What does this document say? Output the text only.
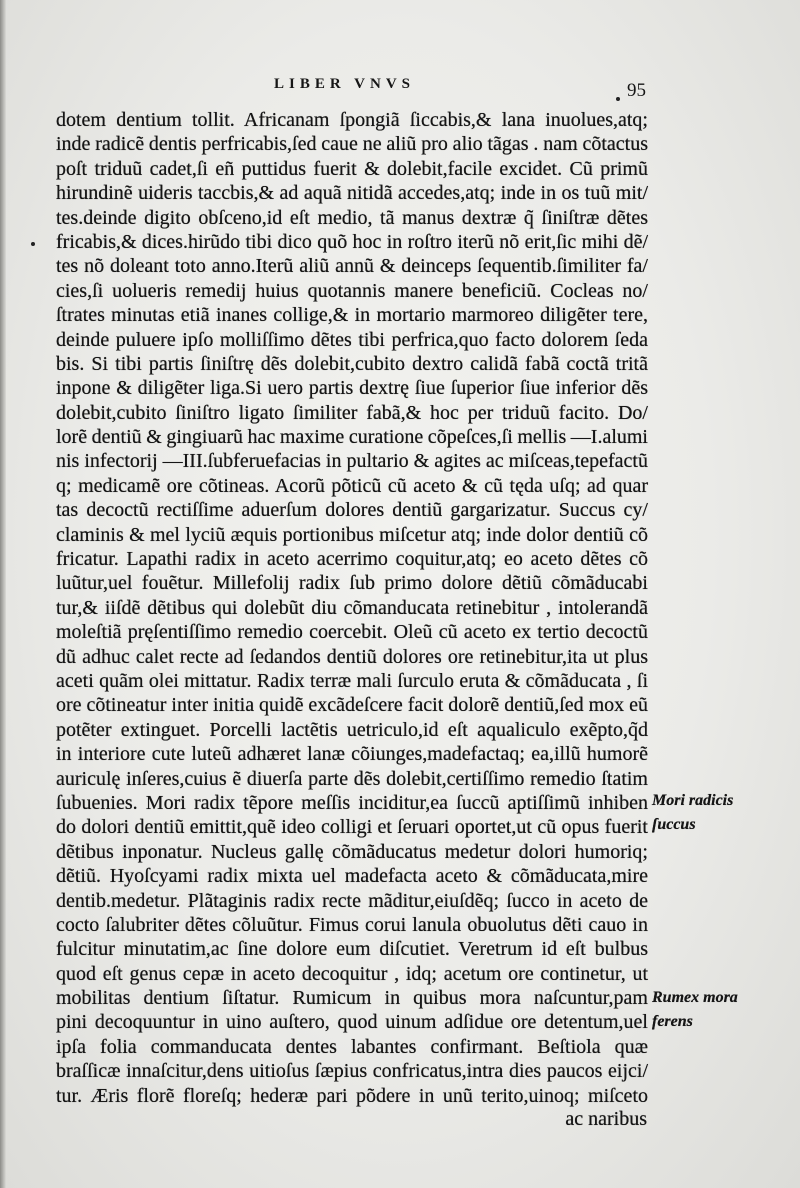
LIBER VNVS	95
dotem dentium tollit. Africanam ſpongiã ſiccabis,& lana inuolues,atq;
inde radicẽ dentis perfricabis,ſed caue ne aliũ pro alio tãgas . nam cõtactus
poſt triduũ cadet,ſi eñ puttidus fuerit & dolebit,facile excidet. Cũ primũ
hirundinẽ uideris taccbis,& ad aquã nitidã accedes,atq; inde in os tuũ mit/
tes.deinde digito obſceno,id eſt medio, tã manus dextræ q̃ ſiniſtræ dẽtes
fricabis,& dices.hirũdo tibi dico quõ hoc in roſtro iterũ nõ erit,ſic mihi dẽ/
tes nõ doleant toto anno.Iterũ aliũ annũ & deinceps ſequentib.ſimiliter fa/
cies,ſi uolueris remedij huius quotannis manere beneficiũ. Cocleas no/
ſtrates minutas etiã inanes collige,& in mortario marmoreo diligẽter tere,
deinde puluere ipſo molliſſimo dẽtes tibi perfrica,quo facto dolorem ſeda
bis. Si tibi partis ſiniſtrę dẽs dolebit,cubito dextro calidã fabã coctã tritã
inpone & diligẽter liga.Si uero partis dextrę ſiue ſuperior ſiue inferior dẽs
dolebit,cubito ſiniſtro ligato ſimiliter fabã,& hoc per triduũ facito. Do/
lorẽ dentiũ & gingiuarũ hac maxime curatione cõpeſces,ſi mellis —I.alumi
nis infectorij —III.ſubferuefacias in pultario & agites ac miſceas,tepefactũ
q; medicamẽ ore cõtineas. Acorũ põticũ cũ aceto & cũ tęda uſq; ad quar
tas decoctũ rectiſſime aduerſum dolores dentiũ gargarizatur. Succus cy/
claminis & mel lyciũ æquis portionibus miſcetur atq; inde dolor dentiũ cõ
fricatur. Lapathi radix in aceto acerrimo coquitur,atq; eo aceto dẽtes cõ
luũtur,uel fouẽtur. Millefolij radix ſub primo dolore dẽtiũ cõmãducabi
tur,& iiſdẽ dẽtibus qui dolebũt diu cõmanducata retinebitur , intolerandã
moleſtiã pręſentiſſimo remedio coercebit. Oleũ cũ aceto ex tertio decoctũ
dũ adhuc calet recte ad ſedandos dentiũ dolores ore retinebitur,ita ut plus
aceti quãm olei mittatur. Radix terræ mali ſurculo eruta & cõmãducata , ſi
ore cõtineatur inter initia quidẽ excãdeſcere facit dolorẽ dentiũ,ſed mox eũ
potẽter extinguet. Porcelli lactẽtis uetriculo,id eſt aqualiculo exẽpto,q̃d
in interiore cute luteũ adhæret lanæ cõiunges,madefactaq; ea,illũ humorẽ
auriculę inſeres,cuius ẽ diuerſa parte dẽs dolebit,certiſſimo remedio ſtatim
ſubuenies. Mori radix tẽpore meſſis inciditur,ea ſuccũ aptiſſimũ inhiben
do dolori dentiũ emittit,quẽ ideo colligi et ſeruari oportet,ut cũ opus fuerit
dẽtibus inponatur. Nucleus gallę cõmãducatus medetur dolori humoriq;
dẽtiũ. Hyoſcyami radix mixta uel madefacta aceto & cõmãducata,mire
dentib.medetur. Plãtaginis radix recte mãditur,eiuſdẽq; ſucco in aceto de
cocto ſalubriter dẽtes cõluũtur. Fimus corui lanula obuolutus dẽti cauo in
fulcitur minutatim,ac ſine dolore eum diſcutiet. Veretrum id eſt bulbus
quod eſt genus cepæ in aceto decoquitur , idq; acetum ore continetur, ut
mobilitas dentium ſiſtatur. Rumicum in quibus mora naſcuntur,pam
pini decoquuntur in uino auſtero, quod uinum adſidue ore detentum,uel
ipſa folia commanducata dentes labantes confirmant. Beſtiola quæ
braſſicæ innaſcitur,dens uitioſus ſæpius confricatus,intra dies paucos eijci/
tur. Æris florẽ floreſq; hederæ pari põdere in unũ terito,uinoq; miſceto
Mori radicis
ſuccus
Rumex mora
ferens
ac naribus
